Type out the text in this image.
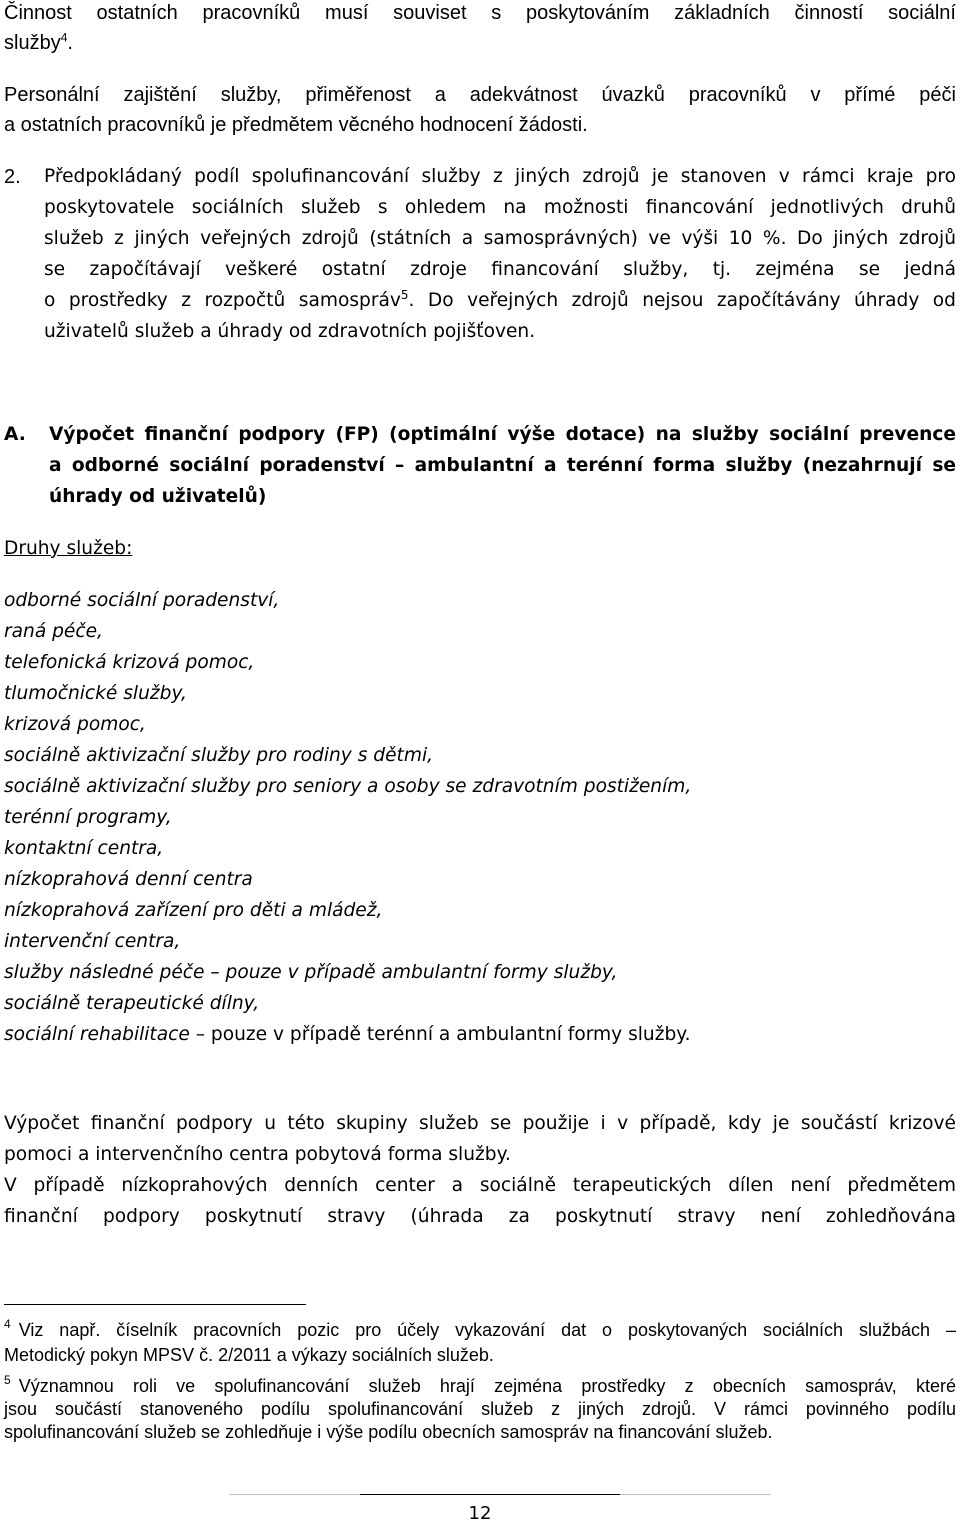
Činnost ostatních pracovníků musí souviset s poskytováním základních činností sociální
služby$^4$.
Personální zajištění služby, přiměřenost a adekvátnost úvazků pracovníků v přímé péči
a ostatních pracovníků je předmětem věcného hodnocení žádosti.
2.	Předpokládaný podíl spolufinancování služby z jiných zdrojů je stanoven v rámci kraje pro
poskytovatele sociálních služeb s ohledem na možnosti financování jednotlivých druhů
služeb z jiných veřejných zdrojů (státních a samosprávných) ve výši 10 %. Do jiných zdrojů
se započítávají veškeré ostatní zdroje financování služby, tj. zejména se jedná
o prostředky z rozpočtů samospráv$^5$. Do veřejných zdrojů nejsou započítávány úhrady od
uživatelů služeb a úhrady od zdravotních pojišťoven.
A.	Výpočet finanční podpory (FP) (optimální výše dotace) na služby sociální prevence
a odborné sociální poradenství – ambulantní a terénní forma služby (nezahrnují se
úhrady od uživatelů)
Druhy služeb:
odborné sociální poradenství,
raná péče,
telefonická krizová pomoc,
tlumočnické služby,
krizová pomoc,
sociálně aktivizační služby pro rodiny s dětmi,
sociálně aktivizační služby pro seniory a osoby se zdravotním postižením,
terénní programy,
kontaktní centra,
nízkoprahová denní centra
nízkoprahová zařízení pro děti a mládež,
intervenční centra,
služby následné péče – pouze v případě ambulantní formy služby,
sociálně terapeutické dílny,
sociální rehabilitace – pouze v případě terénní a ambulantní formy služby.
Výpočet finanční podpory u této skupiny služeb se použije i v případě, kdy je součástí krizové
pomoci a intervenčního centra pobytová forma služby.
V případě nízkoprahových denních center a sociálně terapeutických dílen není předmětem
finanční podpory poskytnutí stravy (úhrada za poskytnutí stravy není zohledňována
$^4$ Viz např. číselník pracovních pozic pro účely vykazování dat o poskytovaných sociálních službách –
Metodický pokyn MPSV č. 2/2011 a výkazy sociálních služeb.
$^5$ Významnou roli ve spolufinancování služeb hrají zejména prostředky z obecních samospráv, které
jsou součástí stanoveného podílu spolufinancování služeb z jiných zdrojů. V rámci povinného podílu
spolufinancování služeb se zohledňuje i výše podílu obecních samospráv na financování služeb.
12
